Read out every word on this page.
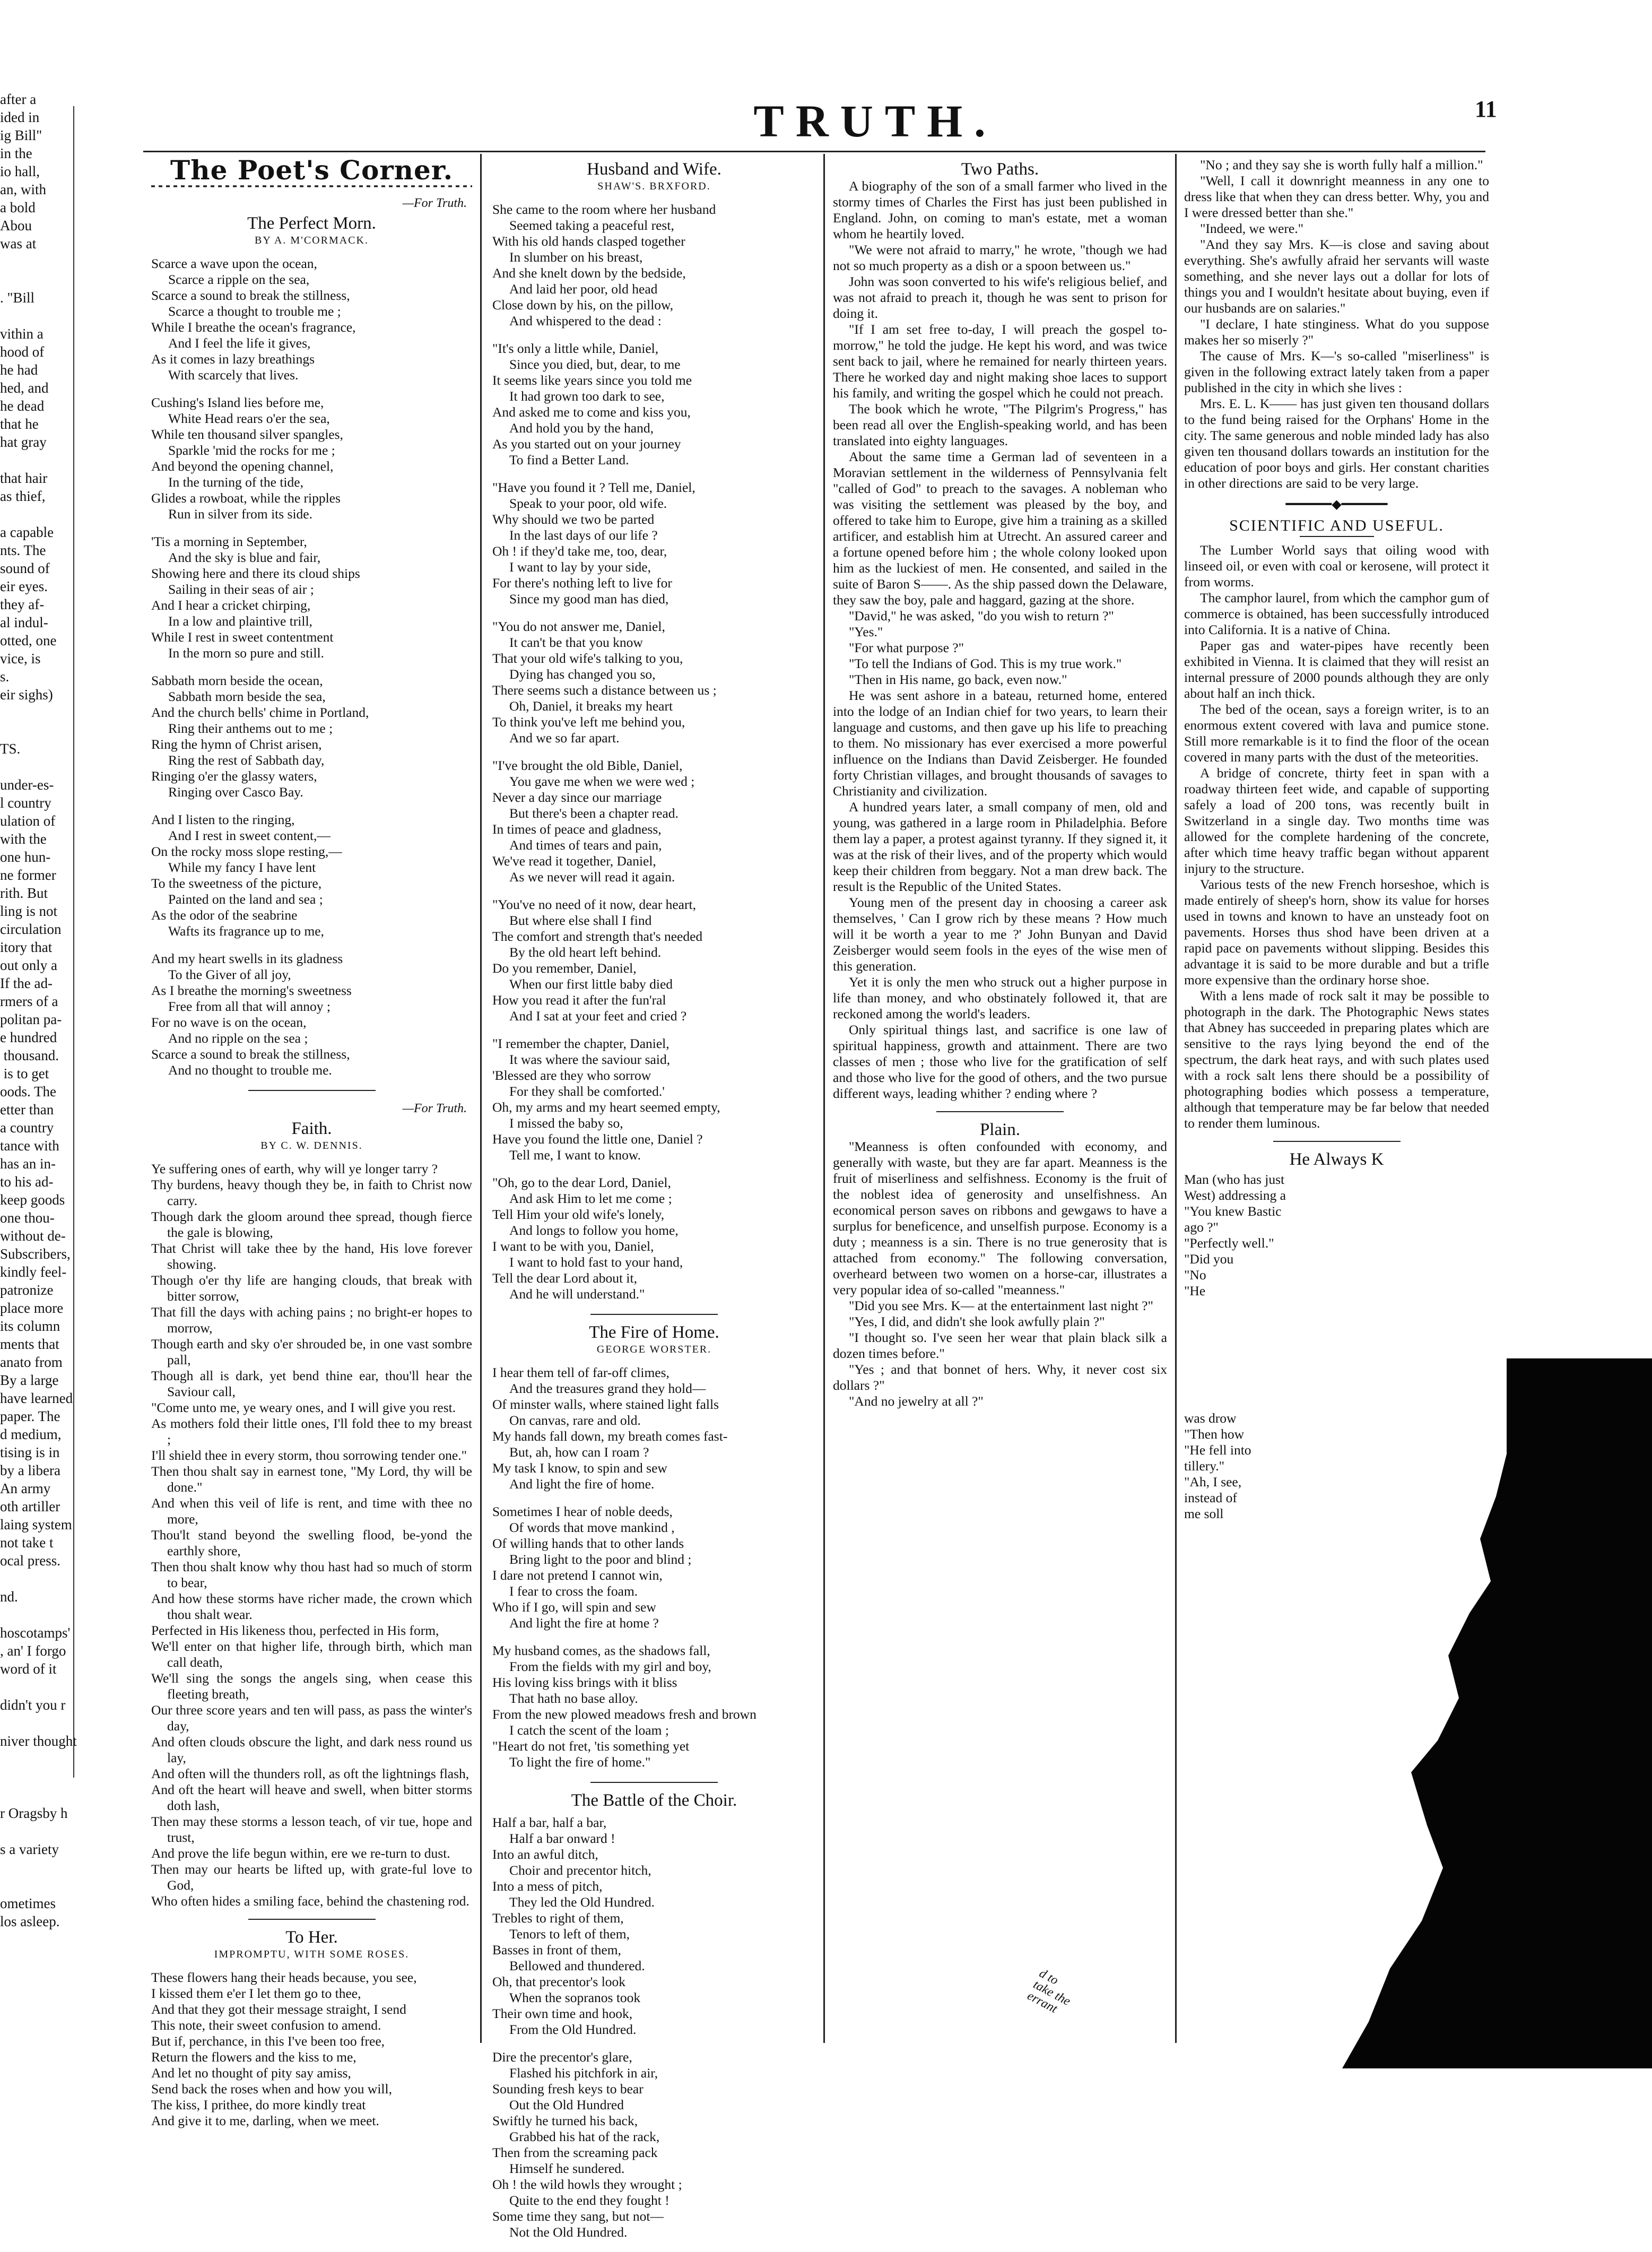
TRUTH.	11
after a
ided in
ig Bill"
in the
io hall,
an, with
a bold
Abou
was at

. "Bill

vithin a
hood of
he had
hed, and
he dead
that he
hat gray

that hair
as thief,

a capable
nts. The
sound of
eir eyes.
they af-
al indul-
otted, one
vice, is
s.
eir sighs)

TS.

under-es-
l country
ulation of
with the
one hun-
ne former
rith. But
ling is not
circulation
itory that
out only a
If the ad-
rmers of a
politan pa-
e hundred
thousand.
is to get
oods. The
etter than
a country
tance with
has an in-
to his ad-
keep goods
one thou-
without de-
Subscribers,
kindly feel-
patronize
place more
its column
ments that
anato from
By a large
have learned
paper. The
d medium,
tising is in
by a libera
An army
oth artiller
laing system
not take t
ocal press.

nd.

hoscotamps'
, an' I forgo
word of it

didn't you r

niver thought

r Oragsby h

s a variety

ometimes
los asleep.
The Poet's Corner.
—For Truth.
The Perfect Morn.
BY A. M'CORMACK.
Scarce a wave upon the ocean,
Scarce a ripple on the sea,
Scarce a sound to break the stillness,
Scarce a thought to trouble me ;
While I breathe the ocean's fragrance,
And I feel the life it gives,
As it comes in lazy breathings
With scarcely that lives.
Cushing's Island lies before me,
White Head rears o'er the sea,
While ten thousand silver spangles,
Sparkle 'mid the rocks for me ;
And beyond the opening channel,
In the turning of the tide,
Glides a rowboat, while the ripples
Run in silver from its side.
'Tis a morning in September,
And the sky is blue and fair,
Showing here and there its cloud ships
Sailing in their seas of air ;
And I hear a cricket chirping,
In a low and plaintive trill,
While I rest in sweet contentment
In the morn so pure and still.
Sabbath morn beside the ocean,
Sabbath morn beside the sea,
And the church bells' chime in Portland,
Ring their anthems out to me ;
Ring the hymn of Christ arisen,
Ring the rest of Sabbath day,
Ringing o'er the glassy waters,
Ringing over Casco Bay.
And I listen to the ringing,
And I rest in sweet content,—
On the rocky moss slope resting,—
While my fancy I have lent
To the sweetness of the picture,
Painted on the land and sea ;
As the odor of the seabrine
Wafts its fragrance up to me,
And my heart swells in its gladness
To the Giver of all joy,
As I breathe the morning's sweetness
Free from all that will annoy ;
For no wave is on the ocean,
And no ripple on the sea ;
Scarce a sound to break the stillness,
And no thought to trouble me.
—For Truth.
Faith.
BY C. W. DENNIS.

Ye suffering ones of earth, why will ye longer tarry ?

Thy burdens, heavy though they be, in faith to Christ now carry.

Though dark the gloom around thee spread, though fierce the gale is blowing,

That Christ will take thee by the hand, His love forever showing.

Though o'er thy life are hanging clouds, that break with bitter sorrow,

That fill the days with aching pains ; no bright-er hopes to morrow,

Though earth and sky o'er shrouded be, in one vast sombre pall,

Though all is dark, yet bend thine ear, thou'll hear the Saviour call,

"Come unto me, ye weary ones, and I will give you rest.

As mothers fold their little ones, I'll fold thee to my breast ;

I'll shield thee in every storm, thou sorrowing tender one."

Then thou shalt say in earnest tone, "My Lord, thy will be done."

And when this veil of life is rent, and time with thee no more,

Thou'lt stand beyond the swelling flood, be-yond the earthly shore,

Then thou shalt know why thou hast had so much of storm to bear,

And how these storms have richer made, the crown which thou shalt wear.

Perfected in His likeness thou, perfected in His form,

We'll enter on that higher life, through birth, which man call death,

We'll sing the songs the angels sing, when cease this fleeting breath,

Our three score years and ten will pass, as pass the winter's day,

And often clouds obscure the light, and dark ness round us lay,

And often will the thunders roll, as oft the lightnings flash,

And oft the heart will heave and swell, when bitter storms doth lash,

Then may these storms a lesson teach, of vir tue, hope and trust,

And prove the life begun within, ere we re-turn to dust.

Then may our hearts be lifted up, with grate-ful love to God,

Who often hides a smiling face, behind the chastening rod.

To Her.
IMPROMPTU, WITH SOME ROSES.

These flowers hang their heads because, you see,

I kissed them e'er I let them go to thee,

And that they got their message straight, I send

This note, their sweet confusion to amend.

But if, perchance, in this I've been too free,

Return the flowers and the kiss to me,

And let no thought of pity say amiss,

Send back the roses when and how you will,

The kiss, I prithee, do more kindly treat

And give it to me, darling, when we meet.

Husband and Wife.
SHAW'S. BRXFORD.
She came to the room where her husband
Seemed taking a peaceful rest,
With his old hands clasped together
In slumber on his breast,
And she knelt down by the bedside,
And laid her poor, old head
Close down by his, on the pillow,
And whispered to the dead :
"It's only a little while, Daniel,
Since you died, but, dear, to me
It seems like years since you told me
It had grown too dark to see,
And asked me to come and kiss you,
And hold you by the hand,
As you started out on your journey
To find a Better Land.
"Have you found it ? Tell me, Daniel,
Speak to your poor, old wife.
Why should we two be parted
In the last days of our life ?
Oh ! if they'd take me, too, dear,
I want to lay by your side,
For there's nothing left to live for
Since my good man has died,
"You do not answer me, Daniel,
It can't be that you know
That your old wife's talking to you,
Dying has changed you so,
There seems such a distance between us ;
Oh, Daniel, it breaks my heart
To think you've left me behind you,
And we so far apart.
"I've brought the old Bible, Daniel,
You gave me when we were wed ;
Never a day since our marriage
But there's been a chapter read.
In times of peace and gladness,
And times of tears and pain,
We've read it together, Daniel,
As we never will read it again.
"You've no need of it now, dear heart,
But where else shall I find
The comfort and strength that's needed
By the old heart left behind.
Do you remember, Daniel,
When our first little baby died
How you read it after the fun'ral
And I sat at your feet and cried ?
"I remember the chapter, Daniel,
It was where the saviour said,
'Blessed are they who sorrow
For they shall be comforted.'
Oh, my arms and my heart seemed empty,
I missed the baby so,
Have you found the little one, Daniel ?
Tell me, I want to know.
"Oh, go to the dear Lord, Daniel,
And ask Him to let me come ;
Tell Him your old wife's lonely,
And longs to follow you home,
I want to be with you, Daniel,
I want to hold fast to your hand,
Tell the dear Lord about it,
And he will understand."
The Fire of Home.
GEORGE WORSTER.
I hear them tell of far-off climes,
And the treasures grand they hold—
Of minster walls, where stained light falls
On canvas, rare and old.
My hands fall down, my breath comes fast-
But, ah, how can I roam ?
My task I know, to spin and sew
And light the fire of home.
Sometimes I hear of noble deeds,
Of words that move mankind ,
Of willing hands that to other lands
Bring light to the poor and blind ;
I dare not pretend I cannot win,
I fear to cross the foam.
Who if I go, will spin and sew
And light the fire at home ?
My husband comes, as the shadows fall,
From the fields with my girl and boy,
His loving kiss brings with it bliss
That hath no base alloy.
From the new plowed meadows fresh and brown
I catch the scent of the loam ;
"Heart do not fret, 'tis something yet
To light the fire of home."
The Battle of the Choir.
Half a bar, half a bar,
Half a bar onward !
Into an awful ditch,
Choir and precentor hitch,
Into a mess of pitch,
They led the Old Hundred.
Trebles to right of them,
Tenors to left of them,
Basses in front of them,
Bellowed and thundered.
Oh, that precentor's look
When the sopranos took
Their own time and hook,
From the Old Hundred.
Dire the precentor's glare,
Flashed his pitchfork in air,
Sounding fresh keys to bear
Out the Old Hundred
Swiftly he turned his back,
Grabbed his hat of the rack,
Then from the screaming pack
Himself he sundered.
Oh ! the wild howls they wrought ;
Quite to the end they fought !
Some time they sang, but not—
Not the Old Hundred.
Two Paths.

A biography of the son of a small farmer who lived in the stormy times of Charles the First has just been published in England. John, on coming to man's estate, met a woman whom he heartily loved.

"We were not afraid to marry," he wrote, "though we had not so much property as a dish or a spoon between us."

John was soon converted to his wife's religious belief, and was not afraid to preach it, though he was sent to prison for doing it.

"If I am set free to-day, I will preach the gospel to-morrow," he told the judge. He kept his word, and was twice sent back to jail, where he remained for nearly thirteen years. There he worked day and night making shoe laces to support his family, and writing the gospel which he could not preach.

The book which he wrote, "The Pilgrim's Progress," has been read all over the English-speaking world, and has been translated into eighty languages.

About the same time a German lad of seventeen in a Moravian settlement in the wilderness of Pennsylvania felt "called of God" to preach to the savages. A nobleman who was visiting the settlement was pleased by the boy, and offered to take him to Europe, give him a training as a skilled artificer, and establish him at Utrecht. An assured career and a fortune opened before him ; the whole colony looked upon him as the luckiest of men. He consented, and sailed in the suite of Baron S——. As the ship passed down the Delaware, they saw the boy, pale and haggard, gazing at the shore.

"David," he was asked, "do you wish to return ?"

"Yes."

"For what purpose ?"

"To tell the Indians of God. This is my true work."

"Then in His name, go back, even now."

He was sent ashore in a bateau, returned home, entered into the lodge of an Indian chief for two years, to learn their language and customs, and then gave up his life to preaching to them. No missionary has ever exercised a more powerful influence on the Indians than David Zeisberger. He founded forty Christian villages, and brought thousands of savages to Christianity and civilization.

A hundred years later, a small company of men, old and young, was gathered in a large room in Philadelphia. Before them lay a paper, a protest against tyranny. If they signed it, it was at the risk of their lives, and of the property which would keep their children from beggary. Not a man drew back. The result is the Republic of the United States.

Young men of the present day in choosing a career ask themselves, ' Can I grow rich by these means ? How much will it be worth a year to me ?' John Bunyan and David Zeisberger would seem fools in the eyes of the wise men of this generation.

Yet it is only the men who struck out a higher purpose in life than money, and who obstinately followed it, that are reckoned among the world's leaders.

Only spiritual things last, and sacrifice is one law of spiritual happiness, growth and attainment. There are two classes of men ; those who live for the gratification of self and those who live for the good of others, and the two pursue different ways, leading whither ? ending where ?

Plain.

"Meanness is often confounded with economy, and generally with waste, but they are far apart. Meanness is the fruit of miserliness and selfishness. Economy is the fruit of the noblest idea of generosity and unselfishness. An economical person saves on ribbons and gewgaws to have a surplus for beneficence, and unselfish purpose. Economy is a duty ; meanness is a sin. There is no true generosity that is attached from economy." The following conversation, overheard between two women on a horse-car, illustrates a very popular idea of so-called "meanness."

"Did you see Mrs. K— at the entertainment last night ?"

"Yes, I did, and didn't she look awfully plain ?"

"I thought so. I've seen her wear that plain black silk a dozen times before."

"Yes ; and that bonnet of hers. Why, it never cost six dollars ?"

"And no jewelry at all ?"

"No ; and they say she is worth fully half a million."

"Well, I call it downright meanness in any one to dress like that when they can dress better. Why, you and I were dressed better than she."

"Indeed, we were."

"And they say Mrs. K—is close and saving about everything. She's awfully afraid her servants will waste something, and she never lays out a dollar for lots of things you and I wouldn't hesitate about buying, even if our husbands are on salaries."

"I declare, I hate stinginess. What do you suppose makes her so miserly ?"

The cause of Mrs. K—'s so-called "miserliness" is given in the following extract lately taken from a paper published in the city in which she lives :

Mrs. E. L. K—— has just given ten thousand dollars to the fund being raised for the Orphans' Home in the city. The same generous and noble minded lady has also given ten thousand dollars towards an institution for the education of poor boys and girls. Her constant charities in other directions are said to be very large.

━━━━━━◆━━━━━━
SCIENTIFIC AND USEFUL.

The Lumber World says that oiling wood with linseed oil, or even with coal or kerosene, will protect it from worms.

The camphor laurel, from which the camphor gum of commerce is obtained, has been successfully introduced into California. It is a native of China.

Paper gas and water-pipes have recently been exhibited in Vienna. It is claimed that they will resist an internal pressure of 2000 pounds although they are only about half an inch thick.

The bed of the ocean, says a foreign writer, is to an enormous extent covered with lava and pumice stone. Still more remarkable is it to find the floor of the ocean covered in many parts with the dust of the meteorities.

A bridge of concrete, thirty feet in span with a roadway thirteen feet wide, and capable of supporting safely a load of 200 tons, was recently built in Switzerland in a single day. Two months time was allowed for the complete hardening of the concrete, after which time heavy traffic began without apparent injury to the structure.

Various tests of the new French horseshoe, which is made entirely of sheep's horn, show its value for horses used in towns and known to have an unsteady foot on pavements. Horses thus shod have been driven at a rapid pace on pavements without slipping. Besides this advantage it is said to be more durable and but a trifle more expensive than the ordinary horse shoe.

With a lens made of rock salt it may be possible to photograph in the dark. The Photographic News states that Abney has succeeded in preparing plates which are sensitive to the rays lying beyond the end of the spectrum, the dark heat rays, and with such plates used with a rock salt lens there should be a possibility of photographing bodies which possess a temperature, although that temperature may be far below that needed to render them luminous.

He Always K

Man (who has just

West) addressing a

"You knew Bastic

ago ?"

"Perfectly well."

"Did you

"No

"He

was drow

"Then how

"He fell into

tillery."

"Ah, I see,

instead of

me soll

d to
take the
errant
